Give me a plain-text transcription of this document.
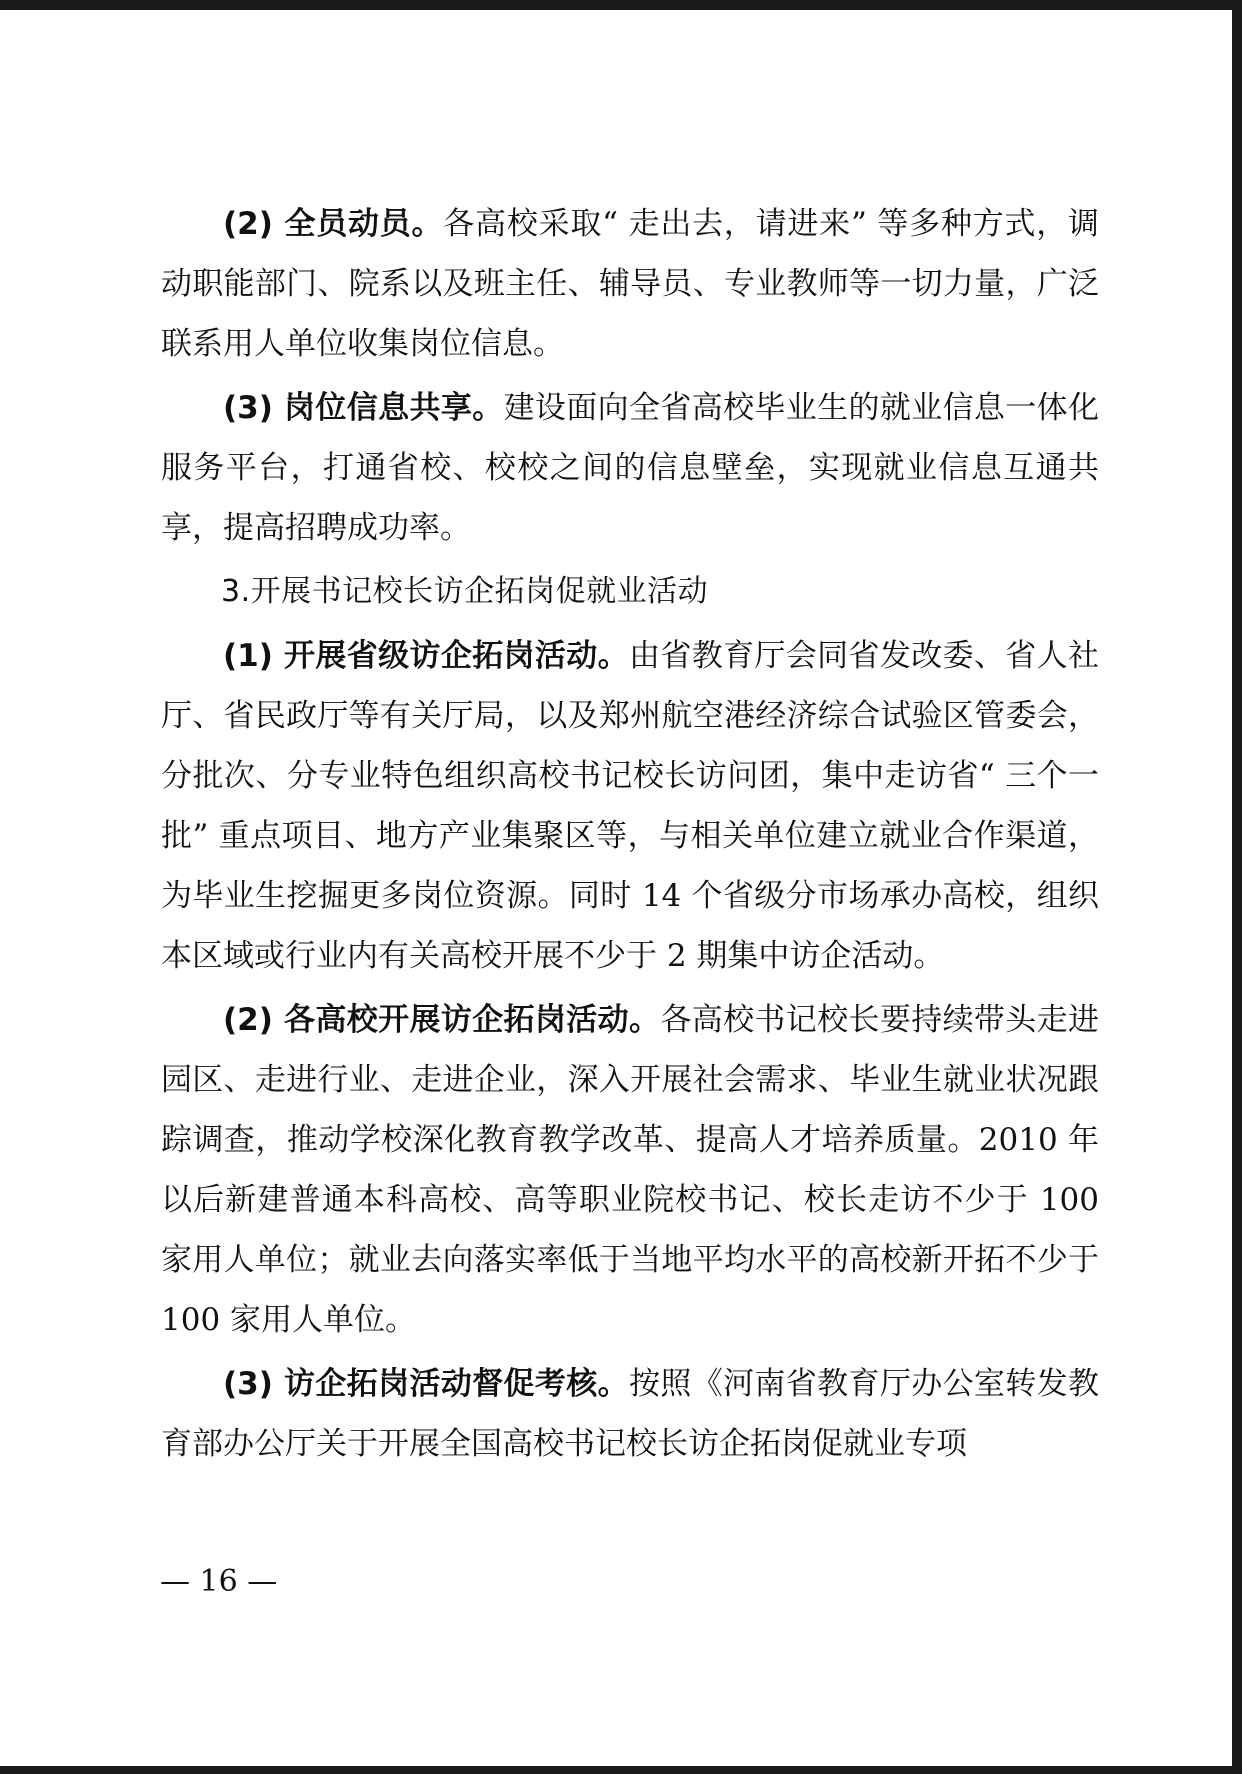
(2) 全员动员。各高校采取“ 走出去，请进来” 等多种方式，调动职能部门、院系以及班主任、辅导员、专业教师等一切力量，广泛联系用人单位收集岗位信息。

(3) 岗位信息共享。建设面向全省高校毕业生的就业信息一体化服务平台，打通省校、校校之间的信息壁垒，实现就业信息互通共享，提高招聘成功率。

3.开展书记校长访企拓岗促就业活动

(1) 开展省级访企拓岗活动。由省教育厅会同省发改委、省人社厅、省民政厅等有关厅局，以及郑州航空港经济综合试验区管委会，分批次、分专业特色组织高校书记校长访问团，集中走访省“ 三个一批” 重点项目、地方产业集聚区等，与相关单位建立就业合作渠道，为毕业生挖掘更多岗位资源。同时 14 个省级分市场承办高校，组织本区域或行业内有关高校开展不少于 2 期集中访企活动。

(2) 各高校开展访企拓岗活动。各高校书记校长要持续带头走进园区、走进行业、走进企业，深入开展社会需求、毕业生就业状况跟踪调查，推动学校深化教育教学改革、提高人才培养质量。2010 年以后新建普通本科高校、高等职业院校书记、校长走访不少于 100 家用人单位；就业去向落实率低于当地平均水平的高校新开拓不少于 100 家用人单位。

(3) 访企拓岗活动督促考核。按照《河南省教育厅办公室转发教育部办公厅关于开展全国高校书记校长访企拓岗促就业专项

— 16 —
